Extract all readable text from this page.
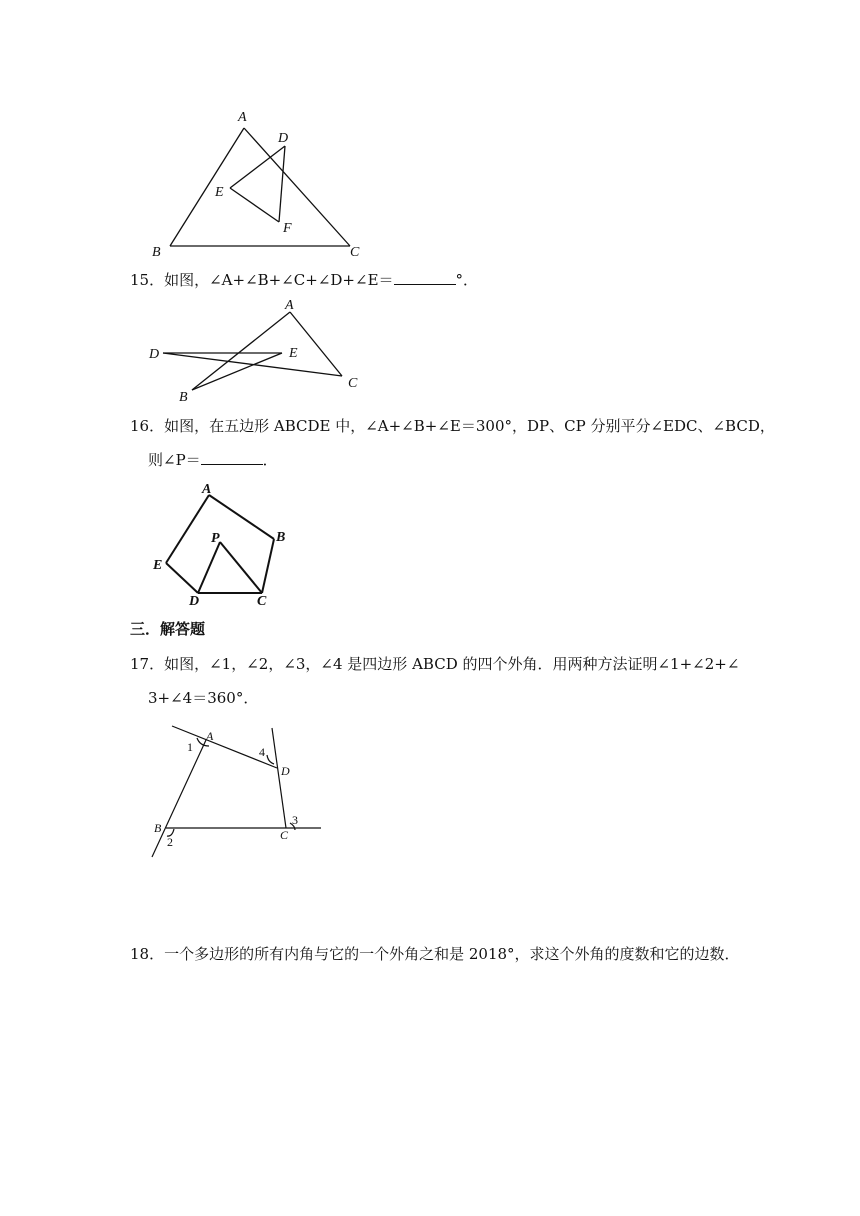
A
D
E
F
B	C
15．如图，∠A+∠B+∠C+∠D+∠E＝	°．
A
D	E
C
B
16．如图，在五边形 ABCDE 中，∠A+∠B+∠E＝300°，DP、CP 分别平分∠EDC、∠BCD，
则∠P＝	．
A
B
P
E
D	C
三．解答题
17．如图，∠1，∠2，∠3，∠4 是四边形 ABCD 的四个外角．用两种方法证明∠1+∠2+∠
3+∠4＝360°．
A
1	4
D
B
3
C
2
18．一个多边形的所有内角与它的一个外角之和是 2018°，求这个外角的度数和它的边数．
